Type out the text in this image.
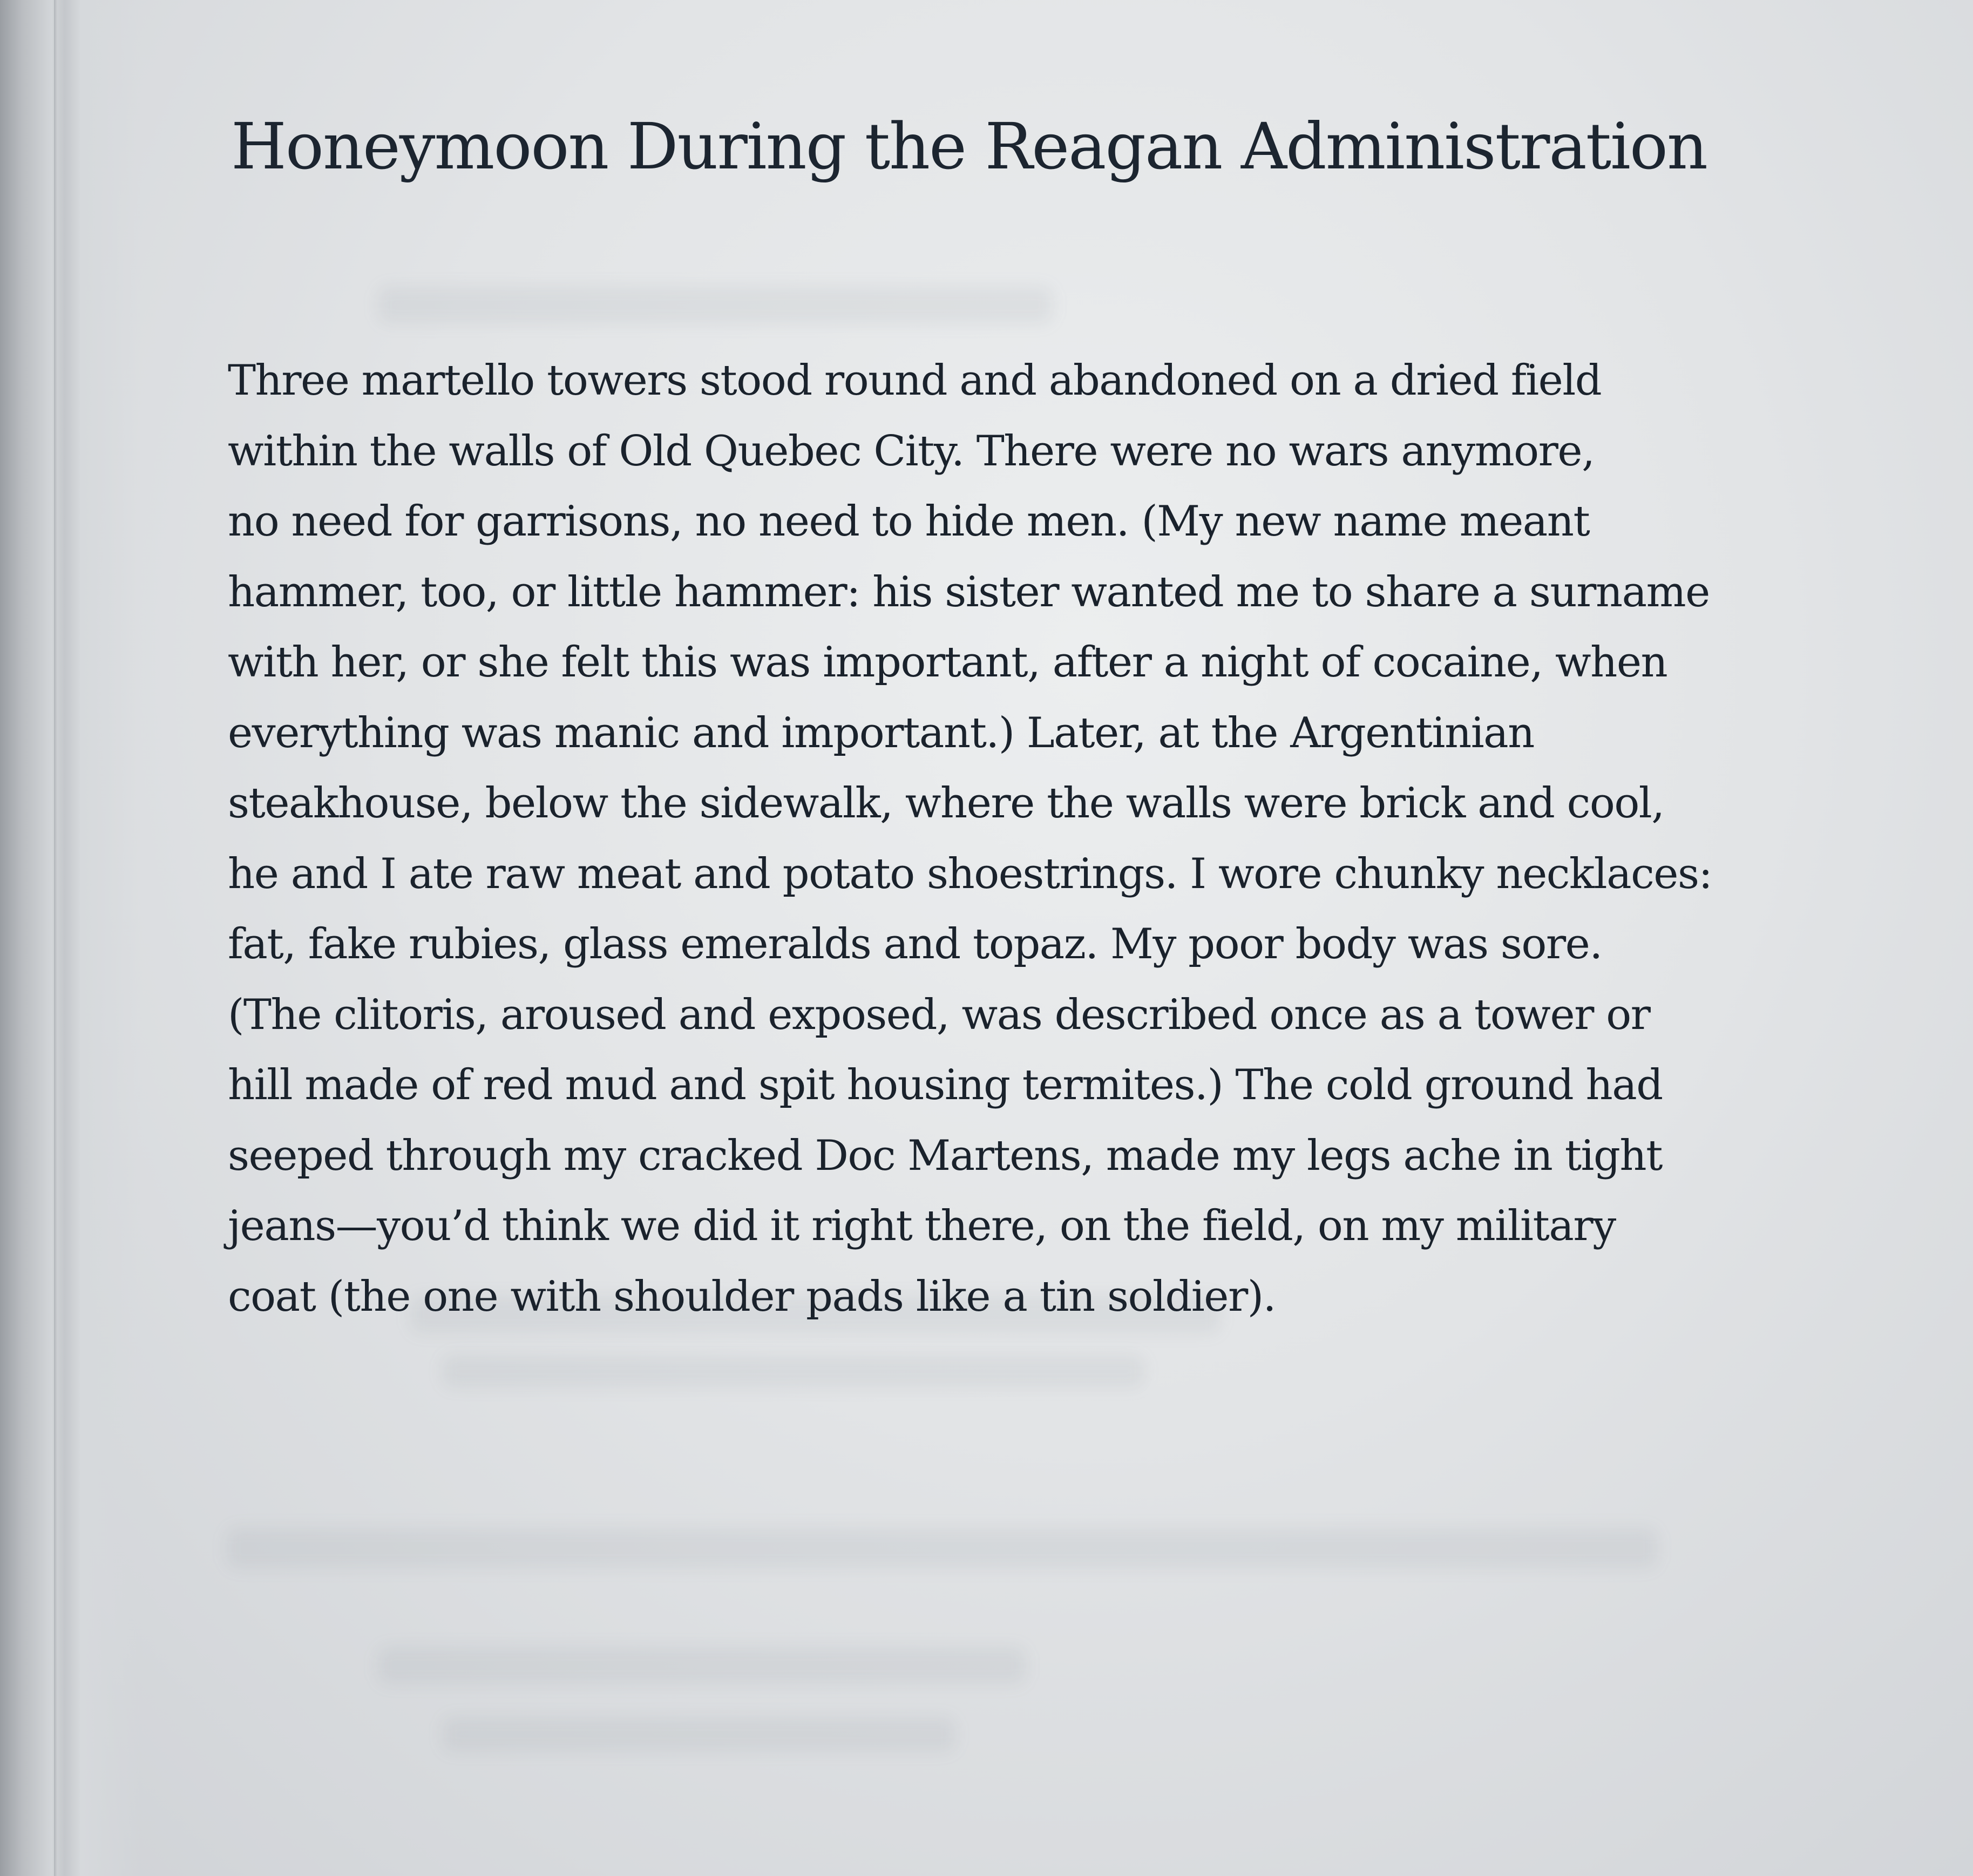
Honeymoon During the Reagan Administration
Three martello towers stood round and abandoned on a dried field
within the walls of Old Quebec City. There were no wars anymore,
no need for garrisons, no need to hide men. (My new name meant
hammer, too, or little hammer: his sister wanted me to share a surname
with her, or she felt this was important, after a night of cocaine, when
everything was manic and important.) Later, at the Argentinian
steakhouse, below the sidewalk, where the walls were brick and cool,
he and I ate raw meat and potato shoestrings. I wore chunky necklaces:
fat, fake rubies, glass emeralds and topaz. My poor body was sore.
(The clitoris, aroused and exposed, was described once as a tower or
hill made of red mud and spit housing termites.) The cold ground had
seeped through my cracked Doc Martens, made my legs ache in tight
jeans—you’d think we did it right there, on the field, on my military
coat (the one with shoulder pads like a tin soldier).
